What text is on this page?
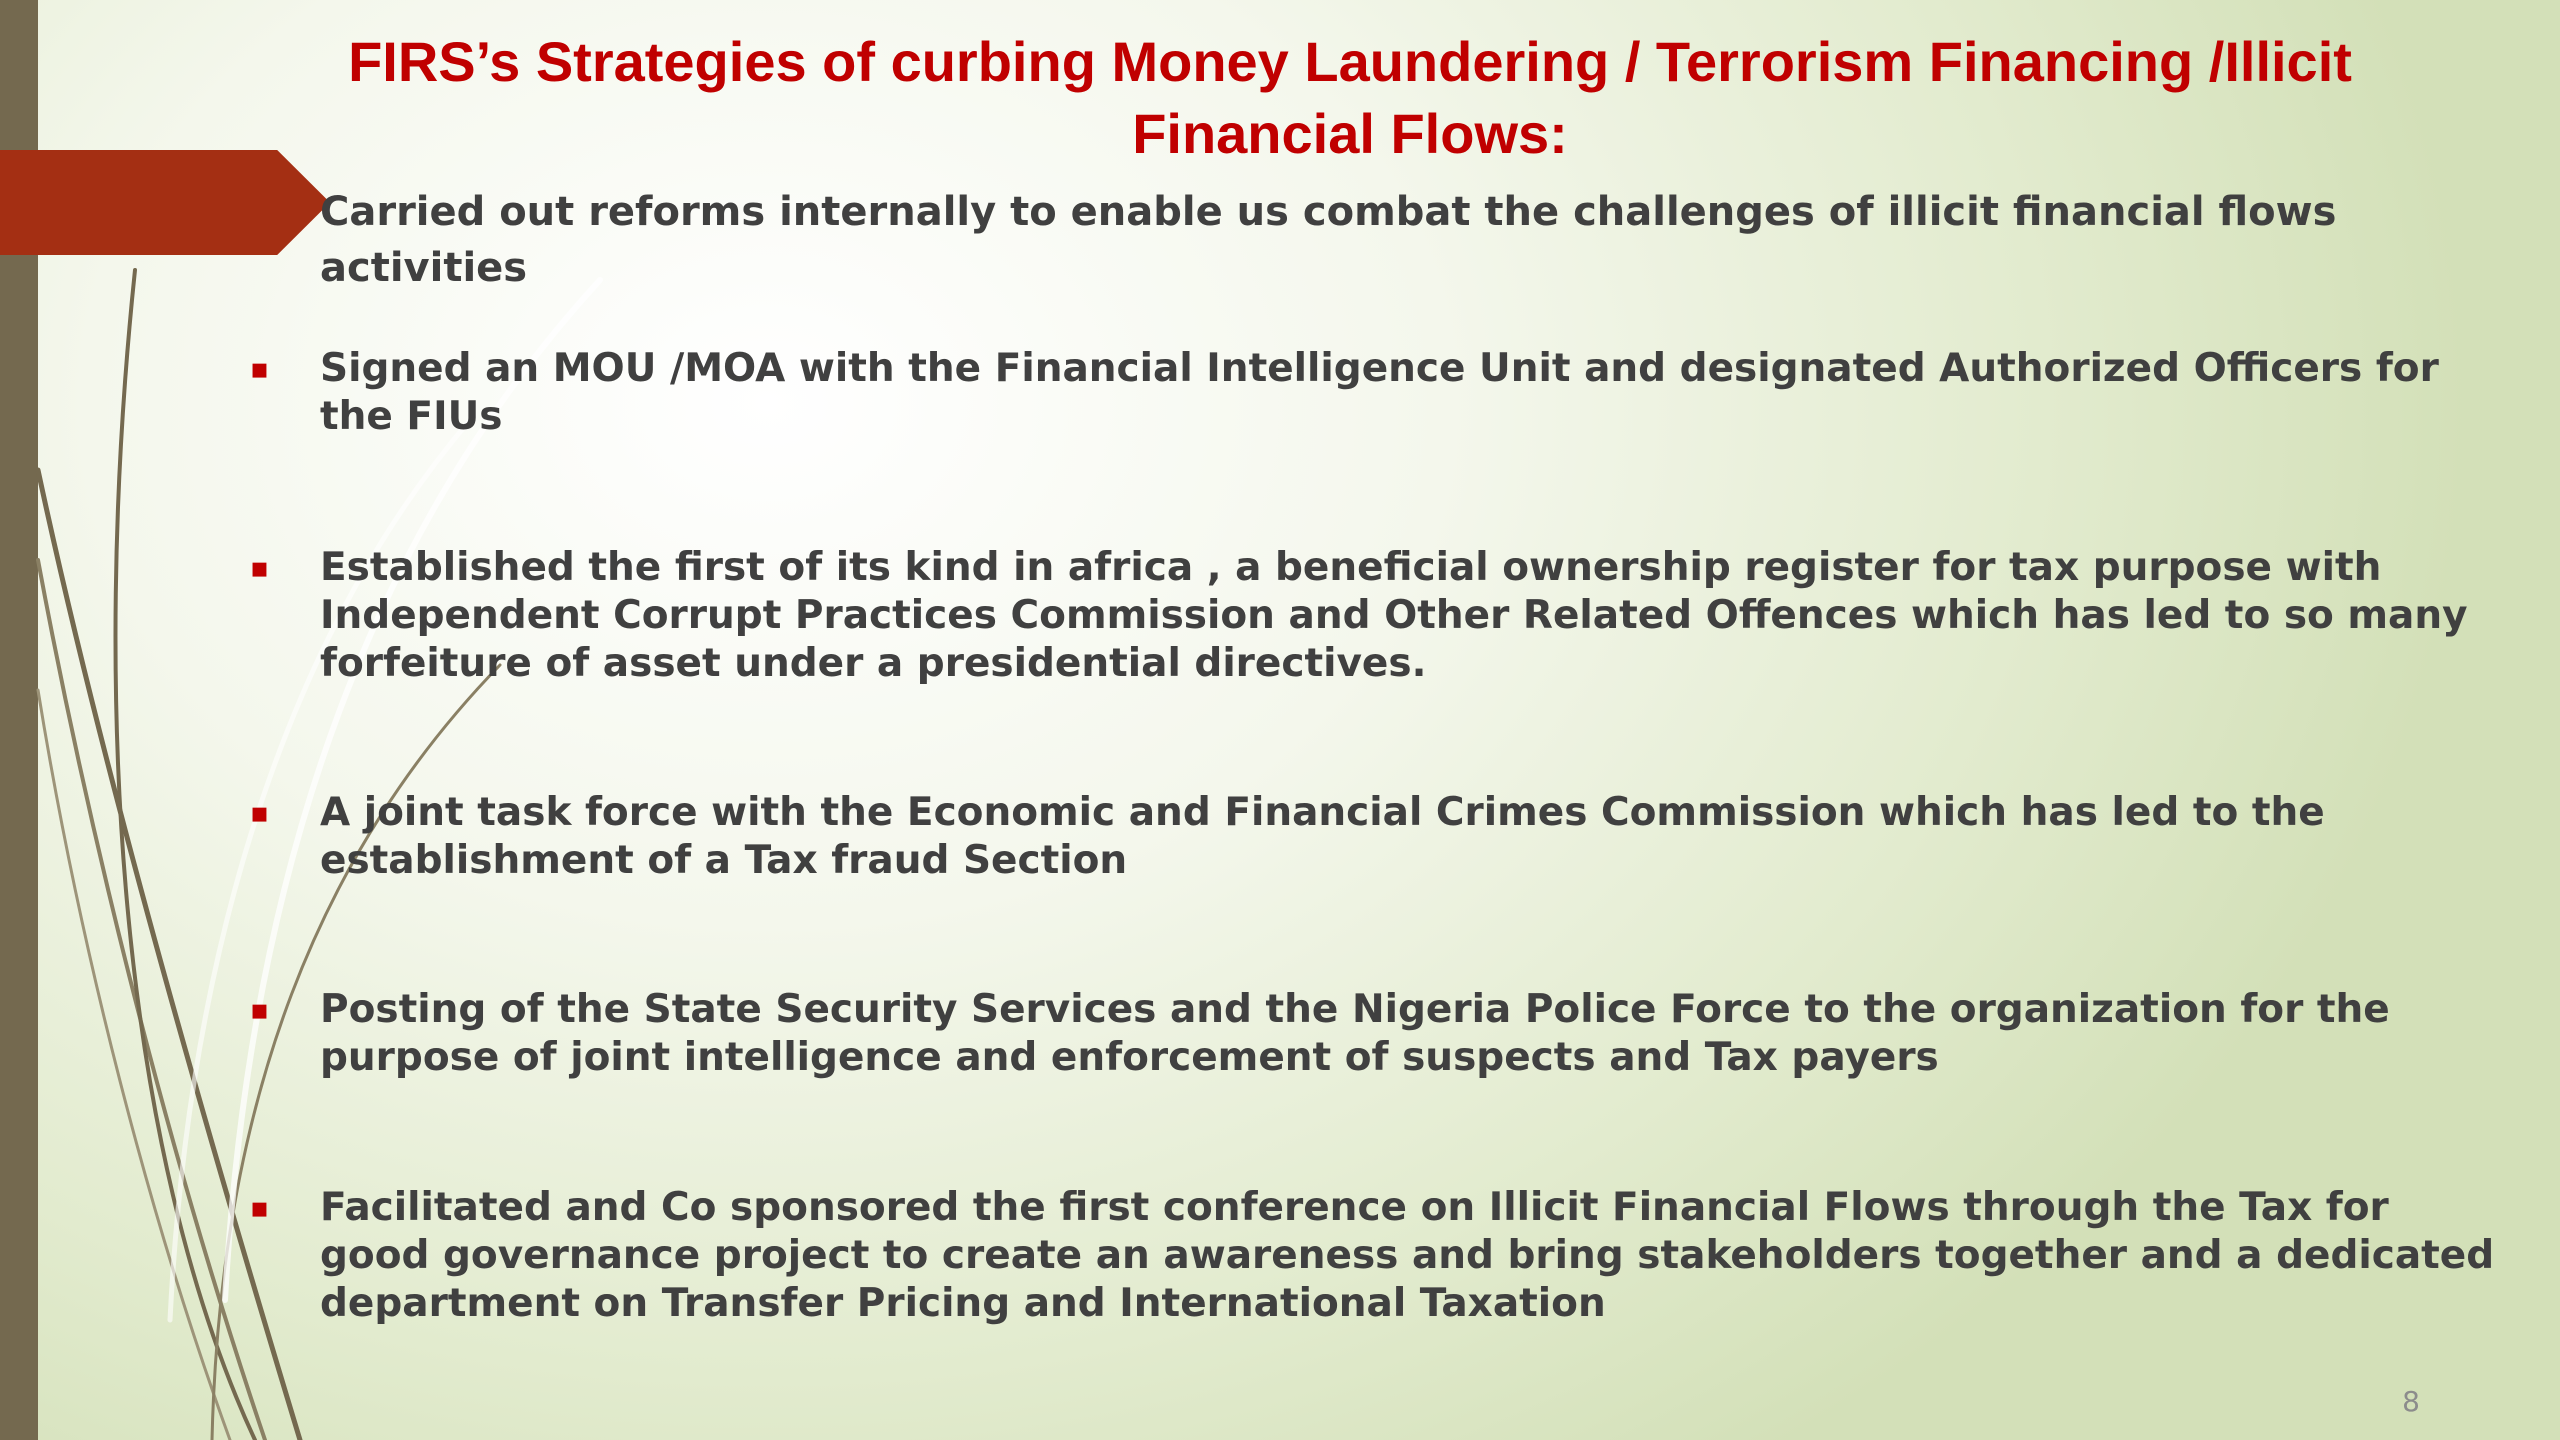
FIRS’s Strategies of curbing Money Laundering / Terrorism Financing /Illicit Financial Flows:

Carried out reforms internally to enable us combat the challenges of illicit financial flows activities

▪	Signed an MOU /MOA with the Financial Intelligence Unit and designated Authorized Officers for the FIUs
▪	Established the first of its kind in africa , a beneficial ownership register for tax purpose with Independent Corrupt Practices Commission and Other Related Offences which has led to so many forfeiture of asset under a presidential directives.
▪	A joint task force with the Economic and Financial Crimes Commission which has led to the establishment of a Tax fraud Section
▪	Posting of the State Security Services and the Nigeria Police Force to the organization for the purpose of joint intelligence and enforcement of suspects and Tax payers
▪	Facilitated and Co sponsored the first conference on Illicit Financial Flows through the Tax for good governance project to create an awareness and bring stakeholders together and a dedicated department on Transfer Pricing and International Taxation
8
